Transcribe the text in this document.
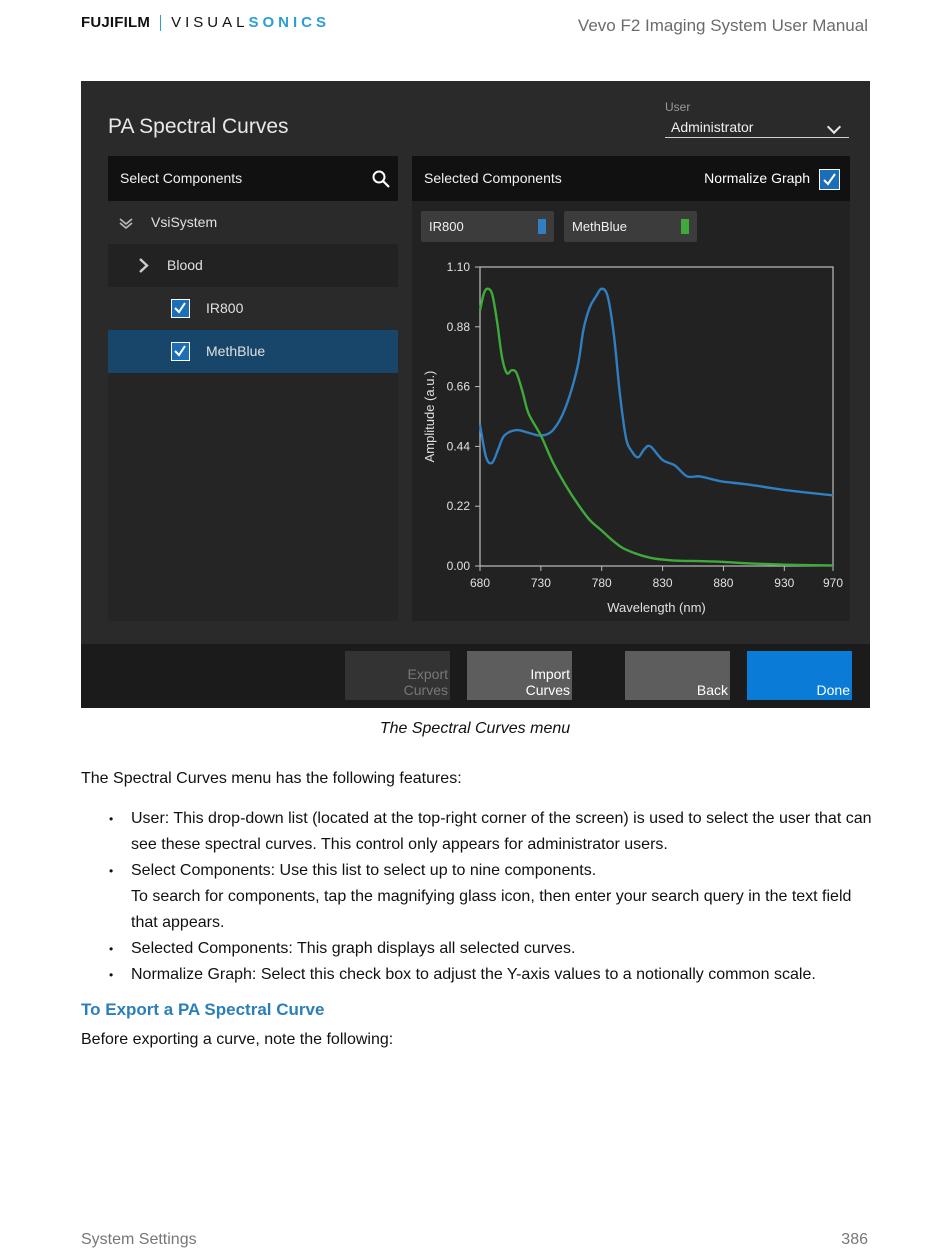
FUJIFILM VISUAL SONICS	Vevo F2 Imaging System User Manual
PA Spectral Curves
User
Administrator
Select Components
VsiSystem
Blood
IR800
MethBlue
Selected Components	Normalize Graph
IR800	MethBlue
0.00
0.22
0.44
0.66
0.88
1.10
680	730	780	830	880	930 970
Wavelength (nm)
Amplitude (a.u.)
Export
Curves
Import
Curves	Back	Done
The Spectral Curves menu
The Spectral Curves menu has the following features:
• User: This drop-down list (located at the top-right corner of the screen) is used to select the user that can see these spectral curves. This control only appears for administrator users.
• Select Components: Use this list to select up to nine components.
To search for components, tap the magnifying glass icon, then enter your search query in the text field that appears.
• Selected Components: This graph displays all selected curves.
• Normalize Graph: Select this check box to adjust the Y-axis values to a notionally common scale.
To Export a PA Spectral Curve
Before exporting a curve, note the following:
System Settings	386
